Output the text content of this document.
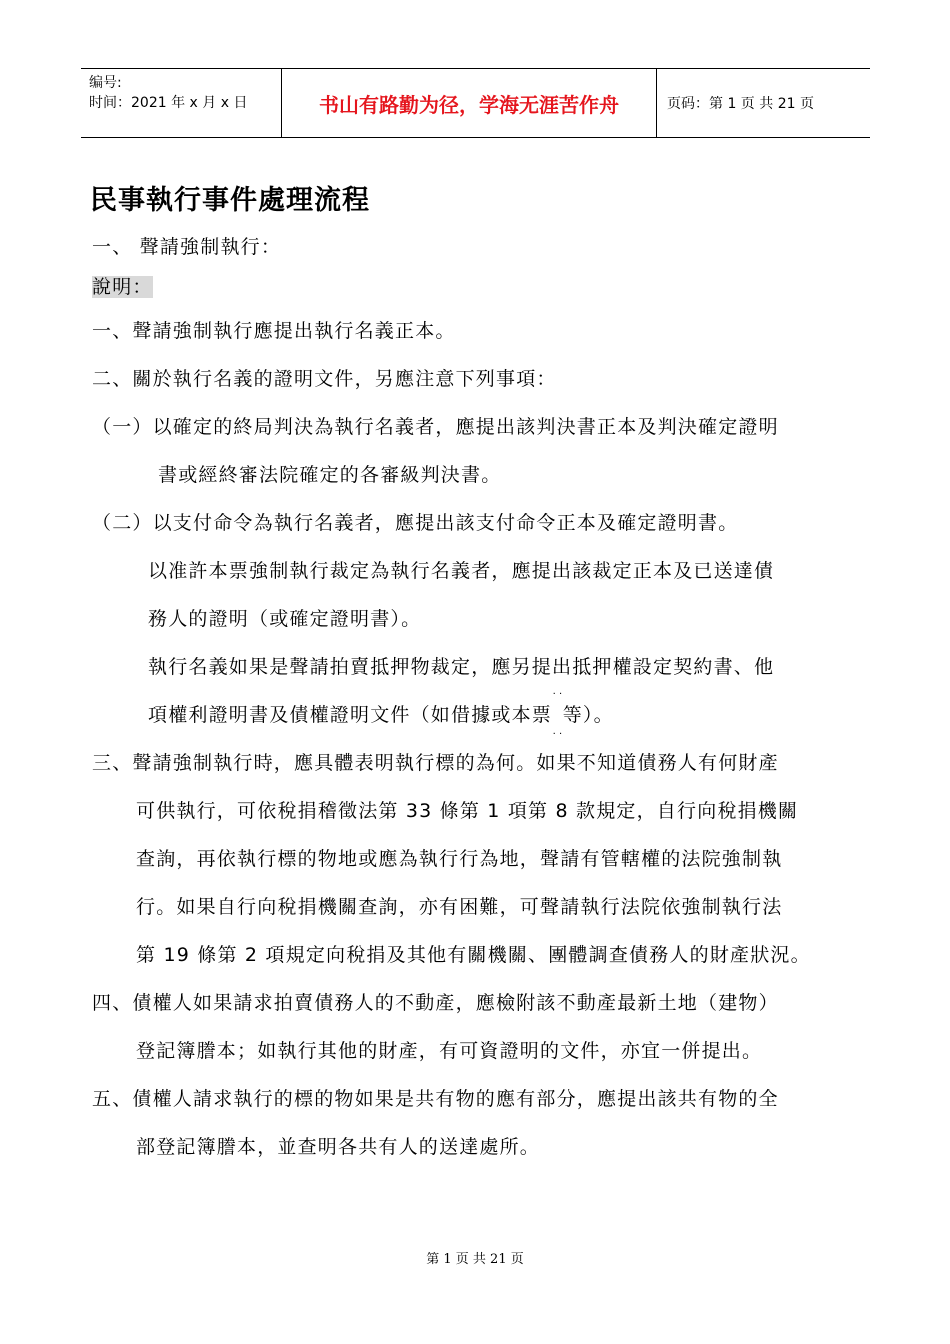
编号:
时间：2021 年 x 月 x 日	书山有路勤为径，学海无涯苦作舟	页码：第 1 页 共 21 页
民事執行事件處理流程
一、 聲請強制執行：
說明：
一、聲請強制執行應提出執行名義正本。
二、關於執行名義的證明文件，另應注意下列事項：
（一）以確定的終局判決為執行名義者，應提出該判決書正本及判決確定證明
書或經終審法院確定的各審級判決書。
（二）以支付命令為執行名義者，應提出該支付命令正本及確定證明書。
以准許本票強制執行裁定為執行名義者，應提出該裁定正本及已送達債
務人的證明（或確定證明書）。
執行名義如果是聲請拍賣抵押物裁定，應另提出抵押權設定契約書、他
項權利證明書及債權證明文件（如借據或本票· · ​  · ·等）。
三、聲請強制執行時，應具體表明執行標的為何。如果不知道債務人有何財產
可供執行，可依稅捐稽徵法第 33 條第 1 項第 8 款規定，自行向稅捐機關
查詢，再依執行標的物地或應為執行行為地，聲請有管轄權的法院強制執
行。如果自行向稅捐機關查詢，亦有困難，可聲請執行法院依強制執行法
第 19 條第 2 項規定向稅捐及其他有關機關、團體調查債務人的財產狀況。
四、債權人如果請求拍賣債務人的不動產，應檢附該不動產最新土地（建物）
登記簿謄本；如執行其他的財產，有可資證明的文件，亦宜一併提出。
五、債權人請求執行的標的物如果是共有物的應有部分，應提出該共有物的全
部登記簿謄本，並查明各共有人的送達處所。
第 1 页 共 21 页
